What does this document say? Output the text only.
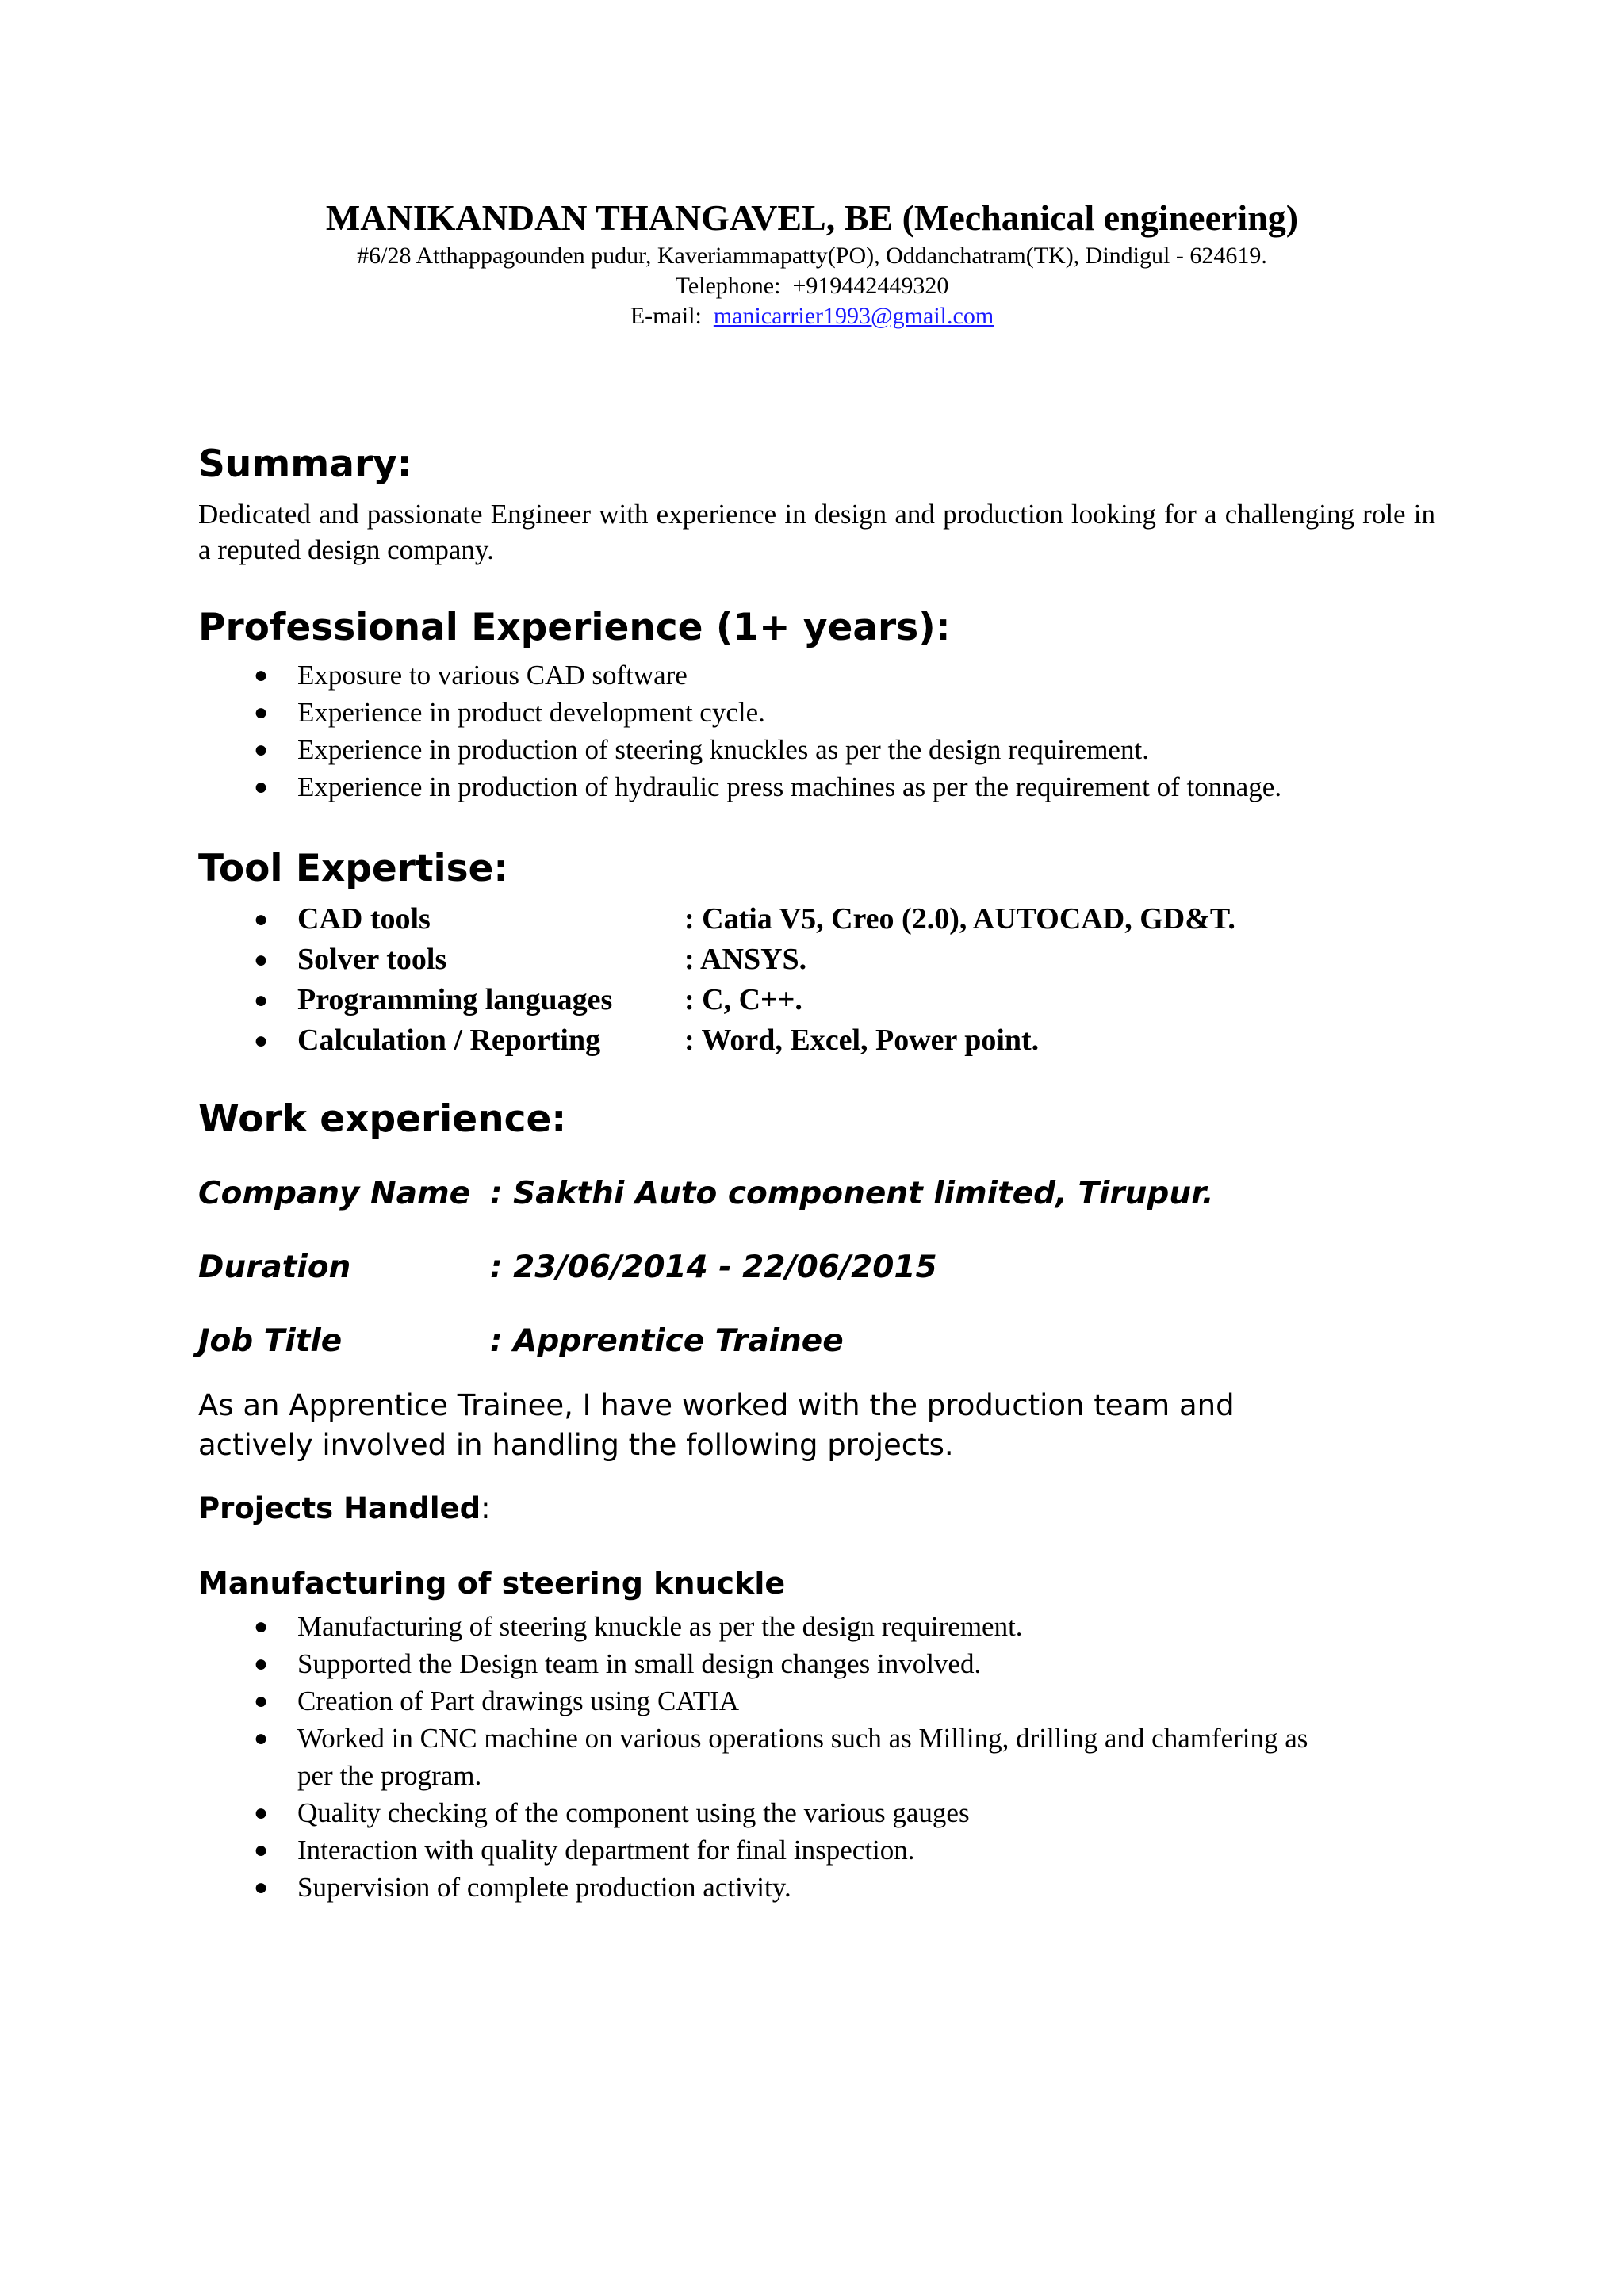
MANIKANDAN THANGAVEL, BE (Mechanical engineering)
#6/28 Atthappagounden pudur, Kaveriammapatty(PO), Oddanchatram(TK), Dindigul - 624619.
Telephone: +919442449320
E-mail: manicarrier1993@gmail.com
Summary:

Dedicated and passionate Engineer with experience in design and production looking for a challenging role in a reputed design company.

Professional Experience (1+ years):
● Exposure to various CAD software
● Experience in product development cycle.
● Experience in production of steering knuckles as per the design requirement.
● Experience in production of hydraulic press machines as per the requirement of tonnage.
Tool Expertise:
● CAD tools	: Catia V5, Creo (2.0), AUTOCAD, GD&T.
● Solver tools	: ANSYS.
● Programming languages : C, C++.
● Calculation / Reporting	: Word, Excel, Power point.
Work experience:
Company Name : Sakthi Auto component limited, Tirupur.
Duration	: 23/06/2014 - 22/06/2015
Job Title	: Apprentice Trainee

As an Apprentice Trainee, I have worked with the production team and actively involved in handling the following projects.

Projects Handled:
Manufacturing of steering knuckle
● Manufacturing of steering knuckle as per the design requirement.
● Supported the Design team in small design changes involved.
● Creation of Part drawings using CATIA
● Worked in CNC machine on various operations such as Milling, drilling and chamfering as per the program.
● Quality checking of the component using the various gauges
● Interaction with quality department for final inspection.
● Supervision of complete production activity.
